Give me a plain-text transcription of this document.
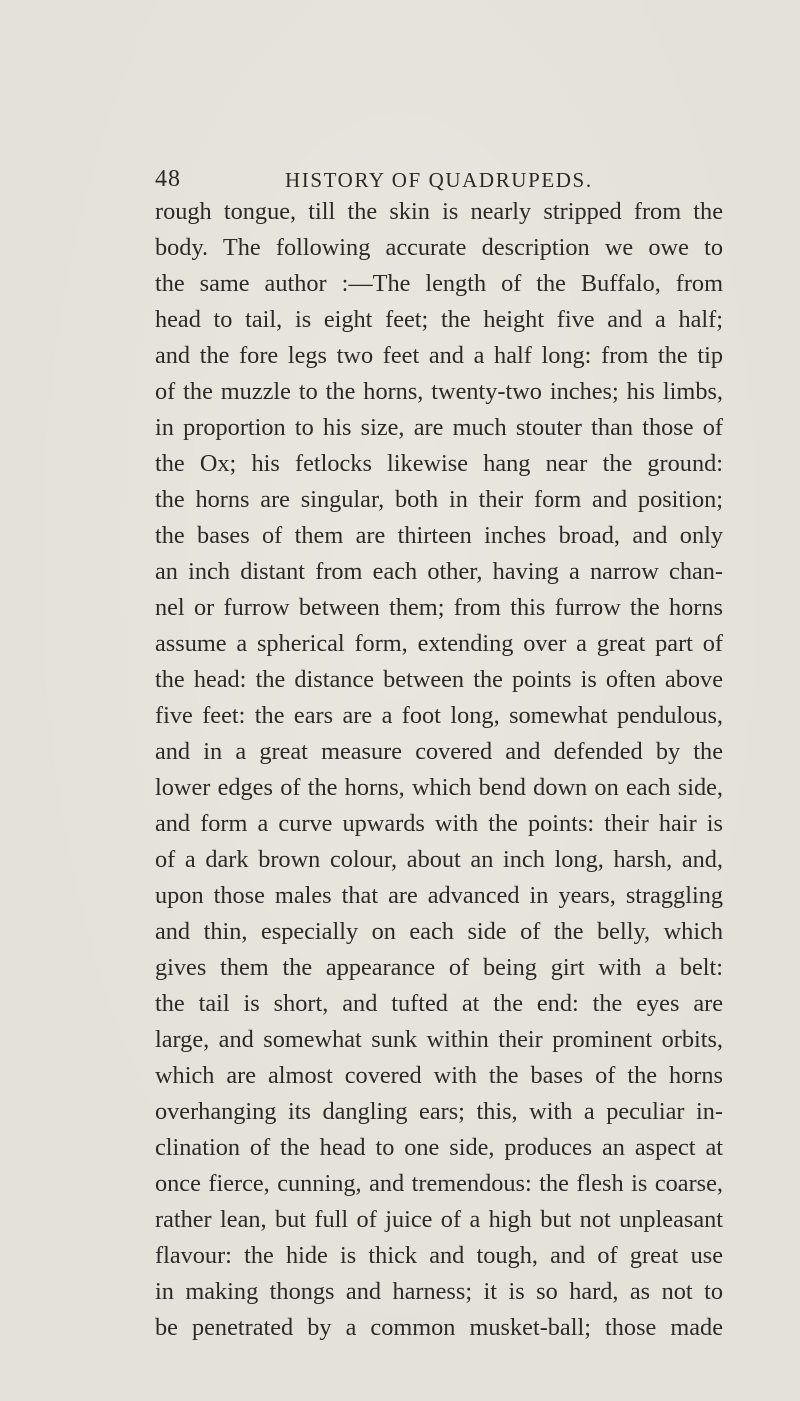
48	HISTORY OF QUADRUPEDS.
rough tongue, till the skin is nearly stripped from the
body. The following accurate description we owe to
the same author :—The length of the Buffalo, from
head to tail, is eight feet; the height five and a half;
and the fore legs two feet and a half long: from the tip
of the muzzle to the horns, twenty-two inches; his limbs,
in proportion to his size, are much stouter than those of
the Ox; his fetlocks likewise hang near the ground:
the horns are singular, both in their form and position;
the bases of them are thirteen inches broad, and only
an inch distant from each other, having a narrow chan-
nel or furrow between them; from this furrow the horns
assume a spherical form, extending over a great part of
the head: the distance between the points is often above
five feet: the ears are a foot long, somewhat pendulous,
and in a great measure covered and defended by the
lower edges of the horns, which bend down on each side,
and form a curve upwards with the points: their hair is
of a dark brown colour, about an inch long, harsh, and,
upon those males that are advanced in years, straggling
and thin, especially on each side of the belly, which
gives them the appearance of being girt with a belt:
the tail is short, and tufted at the end: the eyes are
large, and somewhat sunk within their prominent orbits,
which are almost covered with the bases of the horns
overhanging its dangling ears; this, with a peculiar in-
clination of the head to one side, produces an aspect at
once fierce, cunning, and tremendous: the flesh is coarse,
rather lean, but full of juice of a high but not unpleasant
flavour: the hide is thick and tough, and of great use
in making thongs and harness; it is so hard, as not to
be penetrated by a common musket-ball; those made
